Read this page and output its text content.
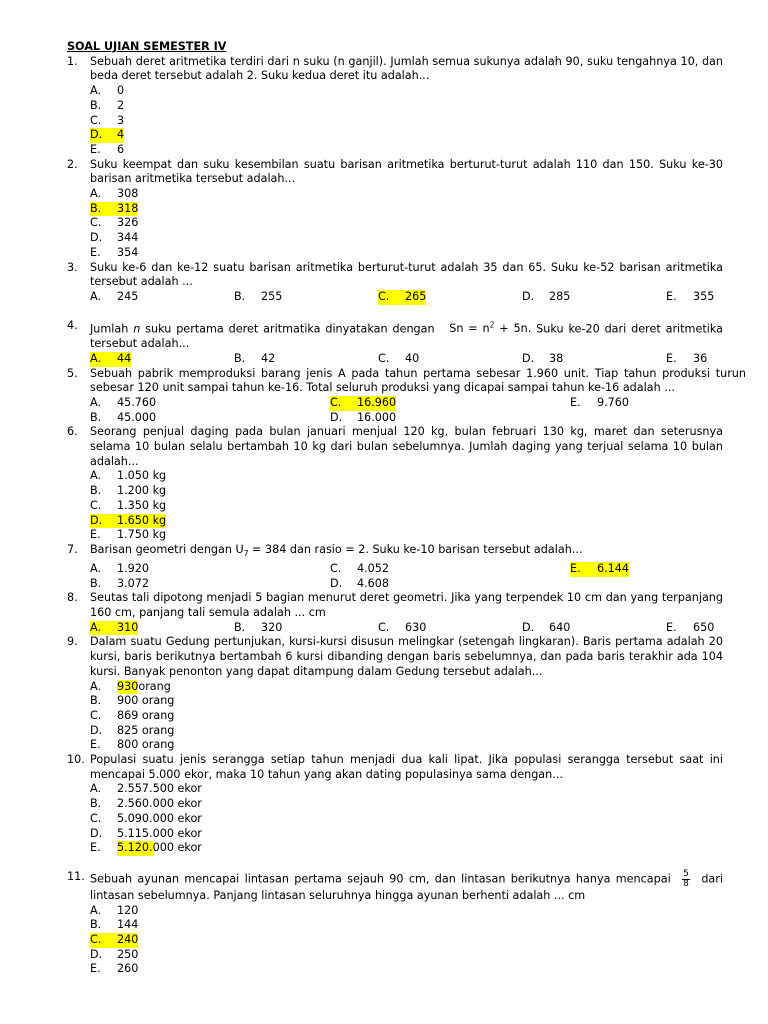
SOAL UJIAN SEMESTER IV

1.	Sebuah deret aritmetika terdiri dari n suku (n ganjil). Jumlah semua sukunya adalah 90, suku tengahnya 10, dan beda deret tersebut adalah 2. Suku kedua deret itu adalah...

A.	0
B.	2
C.	3
D. 4
E.	6
2.	Suku keempat dan suku kesembilan suatu barisan aritmetika berturut-turut adalah 110 dan 150. Suku ke-30 barisan aritmetika tersebut adalah...

A.	308
B. 318
C.	326
D.	344
E.	354
3.	Suku ke-6 dan ke-12 suatu barisan aritmetika berturut-turut adalah 35 dan 65. Suku ke-52 barisan aritmetika tersebut adalah ...

A.	245	B.	255	C. 265	D.	285	E.	355
4.	Jumlah n suku pertama deret aritmatika dinyatakan dengan $Sn = n^2 + 5n$. Suku ke-20 dari deret aritmetika tersebut adalah...

A. 44	B.	42	C.	40	D.	38	E.	36
5.	Sebuah pabrik memproduksi barang jenis A pada tahun pertama sebesar 1.960 unit. Tiap tahun produksi turun sebesar 120 unit sampai tahun ke-16. Total seluruh produksi yang dicapai sampai tahun ke-16 adalah ...

A.	45.760	C. 16.960	E.	9.760
B.	45.000	D.	16.000
6.	Seorang penjual daging pada bulan januari menjual 120 kg, bulan februari 130 kg, maret dan seterusnya selama 10 bulan selalu bertambah 10 kg dari bulan sebelumnya. Jumlah daging yang terjual selama 10 bulan adalah...

A.	1.050 kg
B.	1.200 kg
C.	1.350 kg
D. 1.650 kg
E.	1.750 kg
7.	Barisan geometri dengan $U_7 = 384$ dan rasio = 2. Suku ke-10 barisan tersebut adalah...

A.	1.920	C.	4.052	E. 6.144
B.	3.072	D.	4.608
8.	Seutas tali dipotong menjadi 5 bagian menurut deret geometri. Jika yang terpendek 10 cm dan yang terpanjang 160 cm, panjang tali semula adalah ... cm

A. 310	B.	320	C.	630	D.	640	E.	650
9.	Dalam suatu Gedung pertunjukan, kursi-kursi disusun melingkar (setengah lingkaran). Baris pertama adalah 20 kursi, baris berikutnya bertambah 6 kursi dibanding dengan baris sebelumnya, dan pada baris terakhir ada 104 kursi. Banyak penonton yang dapat ditampung dalam Gedung tersebut adalah...

A.	930 orang
B.	900 orang
C.	869 orang
D.	825 orang
E.	800 orang
10. Populasi suatu jenis serangga setiap tahun menjadi dua kali lipat. Jika populasi serangga tersebut saat ini mencapai 5.000 ekor, maka 10 tahun yang akan dating populasinya sama dengan...

A.	2.557.500 ekor
B.	2.560.000 ekor
C.	5.090.000 ekor
D.	5.115.000 ekor
E.	5.120. 000 ekor
11. Sebuah ayunan mencapai lintasan pertama sejauh 90 cm, dan lintasan berikutnya hanya mencapai $\frac{5}{8}$ dari lintasan sebelumnya. Panjang lintasan seluruhnya hingga ayunan berhenti adalah ... cm

A.	120
B.	144
C. 240
D.	250
E.	260
